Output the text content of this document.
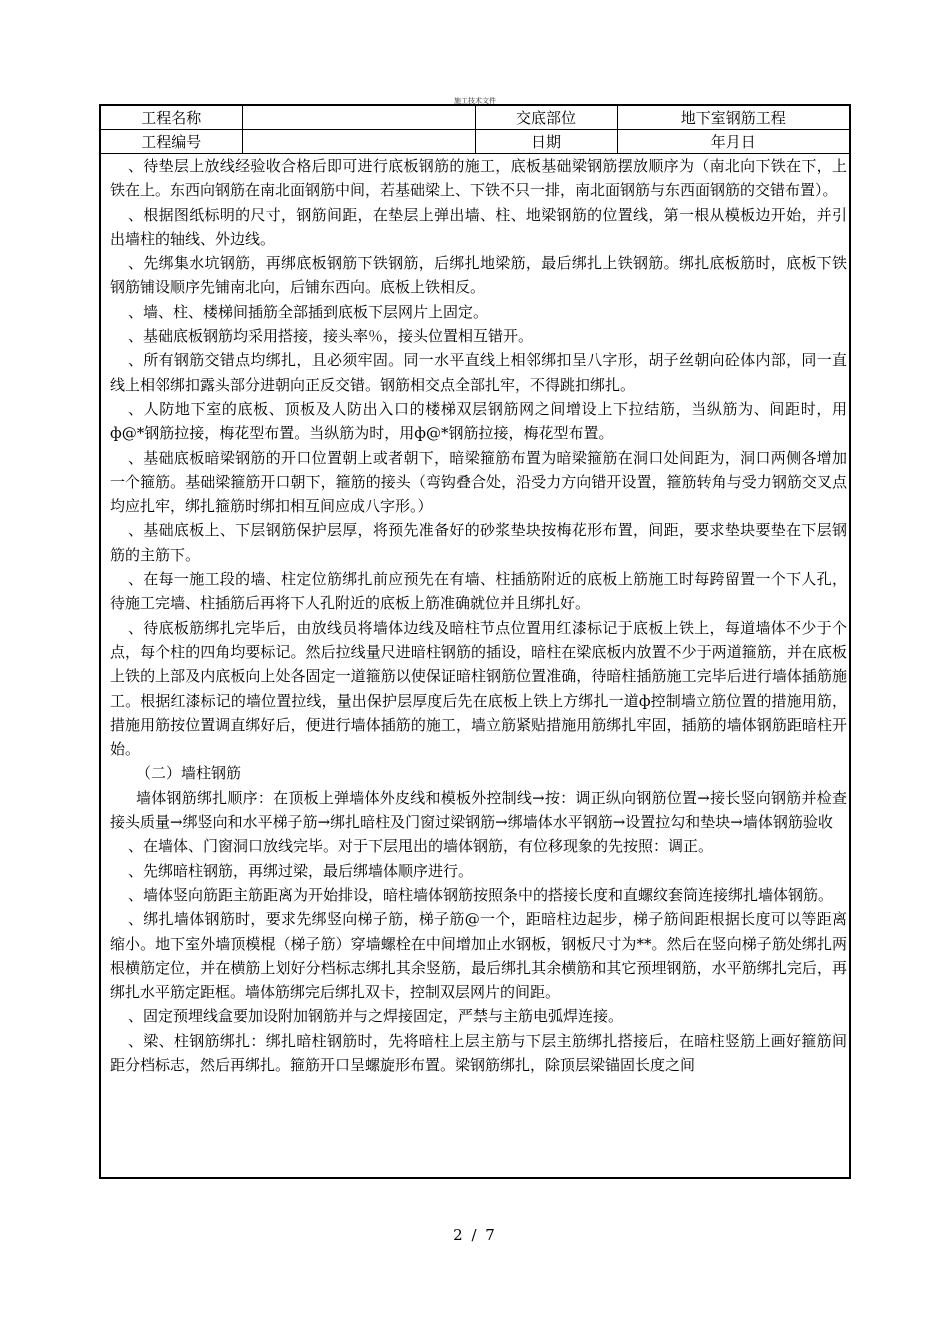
施工技术文件
工程名称		交底部位	地下室钢筋工程
工程编号		日期	年月日

、待垫层上放线经验收合格后即可进行底板钢筋的施工，底板基础梁钢筋摆放顺序为（南北向下铁在下，上铁在上。东西向钢筋在南北面钢筋中间，若基础梁上、下铁不只一排，南北面钢筋与东西面钢筋的交错布置）。

、根据图纸标明的尺寸，钢筋间距，在垫层上弹出墙、柱、地梁钢筋的位置线，第一根从模板边开始，并引出墙柱的轴线、外边线。

、先绑集水坑钢筋，再绑底板钢筋下铁钢筋，后绑扎地梁筋，最后绑扎上铁钢筋。绑扎底板筋时，底板下铁钢筋铺设顺序先铺南北向，后铺东西向。底板上铁相反。

、墙、柱、楼梯间插筋全部插到底板下层网片上固定。

、基础底板钢筋均采用搭接，接头率％，接头位置相互错开。

、所有钢筋交错点均绑扎，且必须牢固。同一水平直线上相邻绑扣呈八字形，胡子丝朝向砼体内部，同一直线上相邻绑扣露头部分进朝向正反交错。钢筋相交点全部扎牢，不得跳扣绑扎。

、人防地下室的底板、顶板及人防出入口的楼梯双层钢筋网之间增设上下拉结筋，当纵筋为、间距时，用ф@*钢筋拉接，梅花型布置。当纵筋为时，用ф@*钢筋拉接，梅花型布置。

、基础底板暗梁钢筋的开口位置朝上或者朝下，暗梁箍筋布置为暗梁箍筋在洞口处间距为，洞口两侧各增加一个箍筋。基础梁箍筋开口朝下，箍筋的接头（弯钩叠合处，沿受力方向错开设置，箍筋转角与受力钢筋交叉点均应扎牢，绑扎箍筋时绑扣相互间应成八字形。）

、基础底板上、下层钢筋保护层厚，将预先准备好的砂浆垫块按梅花形布置，间距，要求垫块要垫在下层钢筋的主筋下。

、在每一施工段的墙、柱定位筋绑扎前应预先在有墙、柱插筋附近的底板上筋施工时每跨留置一个下人孔，待施工完墙、柱插筋后再将下人孔附近的底板上筋准确就位并且绑扎好。

、待底板筋绑扎完毕后，由放线员将墙体边线及暗柱节点位置用红漆标记于底板上铁上，每道墙体不少于个点，每个柱的四角均要标记。然后拉线量尺进暗柱钢筋的插设，暗柱在梁底板内放置不少于两道箍筋，并在底板上铁的上部及内底板向上处各固定一道箍筋以使保证暗柱钢筋位置准确，待暗柱插筋施工完毕后进行墙体插筋施工。根据红漆标记的墙位置拉线，量出保护层厚度后先在底板上铁上方绑扎一道ф控制墙立筋位置的措施用筋，措施用筋按位置调直绑好后，便进行墙体插筋的施工，墙立筋紧贴措施用筋绑扎牢固，插筋的墙体钢筋距暗柱开始。

（二）墙柱钢筋

墙体钢筋绑扎顺序：在顶板上弹墙体外皮线和模板外控制线→按：调正纵向钢筋位置→接长竖向钢筋并检查接头质量→绑竖向和水平梯子筋→绑扎暗柱及门窗过梁钢筋→绑墙体水平钢筋→设置拉勾和垫块→墙体钢筋验收

、在墙体、门窗洞口放线完毕。对于下层甩出的墙体钢筋，有位移现象的先按照：调正。

、先绑暗柱钢筋，再绑过梁，最后绑墙体顺序进行。

、墙体竖向筋距主筋距离为开始排设，暗柱墙体钢筋按照条中的搭接长度和直螺纹套筒连接绑扎墙体钢筋。

、绑扎墙体钢筋时，要求先绑竖向梯子筋，梯子筋@一个，距暗柱边起步，梯子筋间距根据长度可以等距离缩小。地下室外墙顶模棍（梯子筋）穿墙螺栓在中间增加止水钢板，钢板尺寸为**。然后在竖向梯子筋处绑扎两根横筋定位，并在横筋上划好分档标志绑扎其余竖筋，最后绑扎其余横筋和其它预埋钢筋，水平筋绑扎完后，再绑扎水平筋定距框。墙体筋绑完后绑扎双卡，控制双层网片的间距。

、固定预埋线盒要加设附加钢筋并与之焊接固定，严禁与主筋电弧焊连接。

、梁、柱钢筋绑扎：绑扎暗柱钢筋时，先将暗柱上层主筋与下层主筋绑扎搭接后，在暗柱竖筋上画好箍筋间距分档标志，然后再绑扎。箍筋开口呈螺旋形布置。梁钢筋绑扎，除顶层梁锚固长度之间

2 / 7
